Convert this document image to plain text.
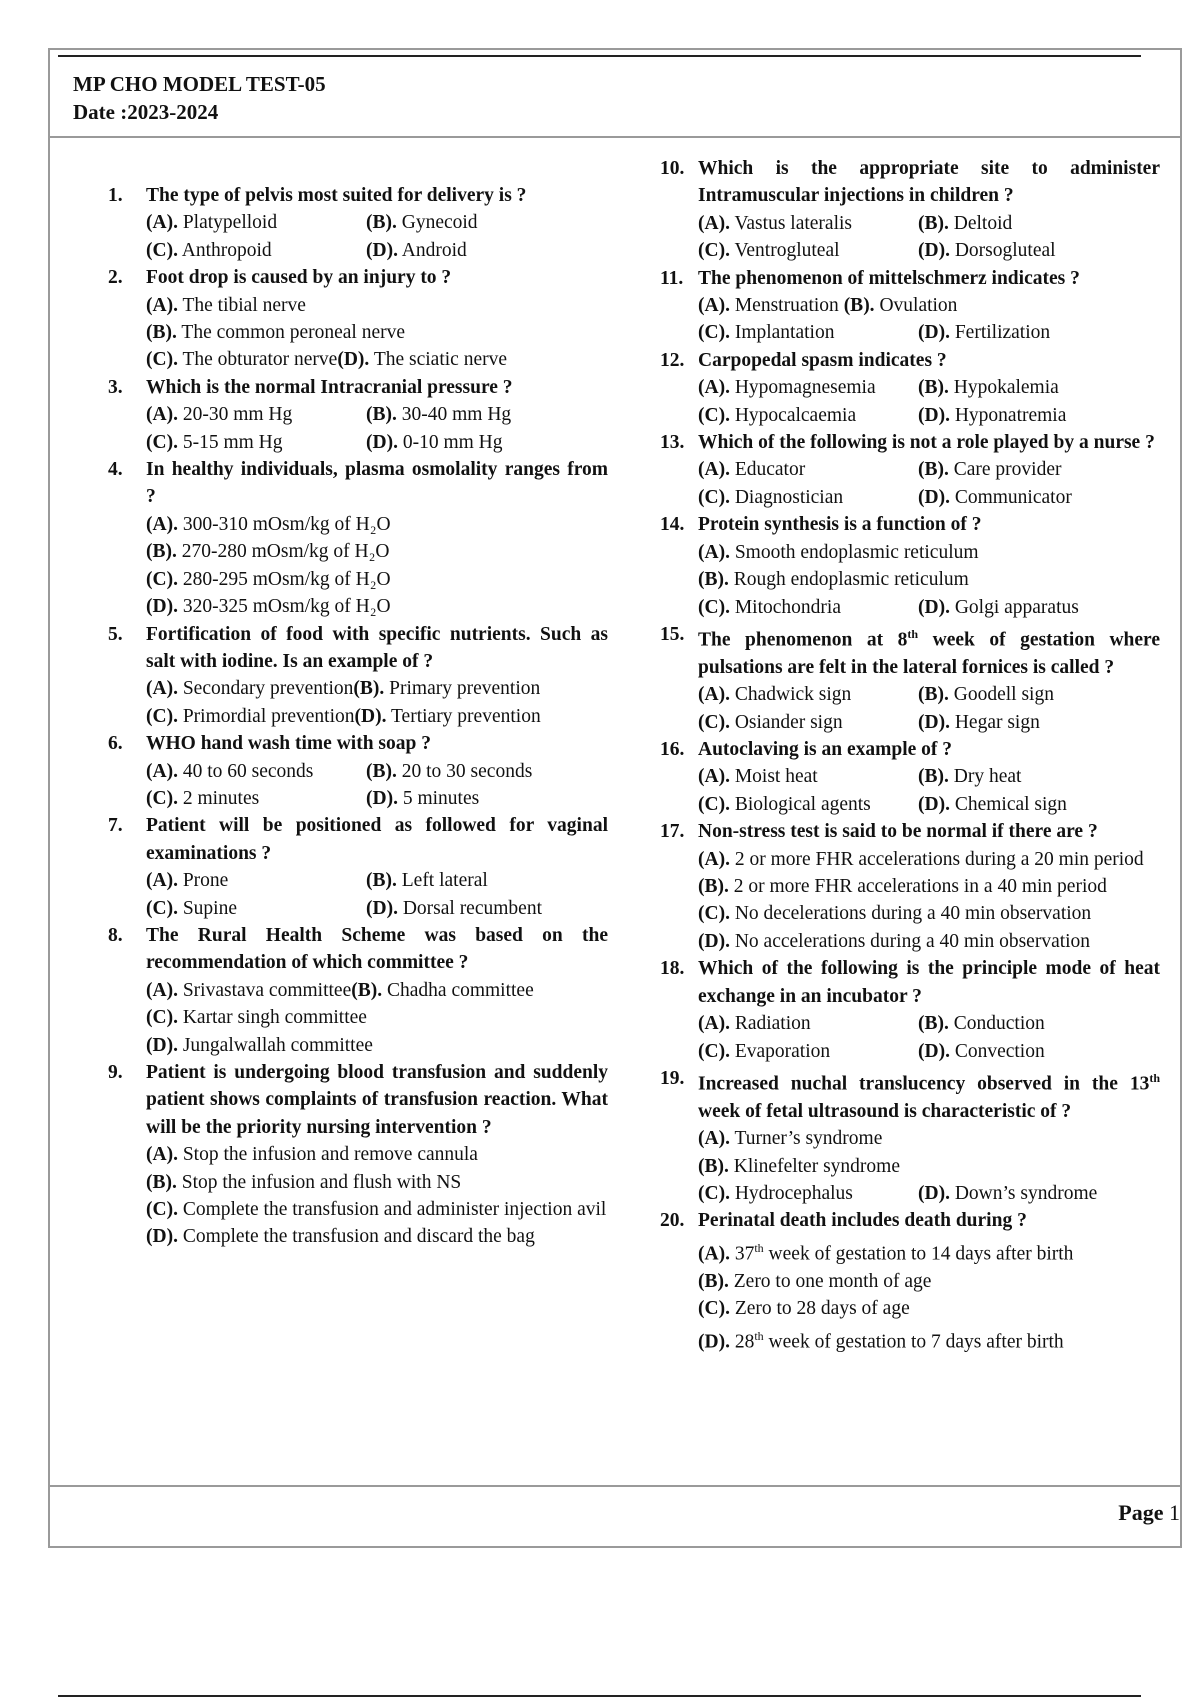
MP CHO MODEL TEST-05
Date :2023-2024
1. The type of pelvis most suited for delivery is ?
(A). Platypelloid	(B). Gynecoid
(C). Anthropoid	(D). Android
2. Foot drop is caused by an injury to ?
(A). The tibial nerve
(B). The common peroneal nerve
(C). The obturator nerve(D). The sciatic nerve
3. Which is the normal Intracranial pressure ?
(A). 20-30 mm Hg	(B). 30-40 mm Hg
(C). 5-15 mm Hg	(D). 0-10 mm Hg
4. In healthy individuals, plasma osmolality ranges from ?
(A). 300-310 mOsm/kg of H₂O
(B). 270-280 mOsm/kg of H₂O
(C). 280-295 mOsm/kg of H₂O
(D). 320-325 mOsm/kg of H₂O
5. Fortification of food with specific nutrients. Such as salt with iodine. Is an example of ?
(A). Secondary prevention(B). Primary prevention
(C). Primordial prevention(D). Tertiary prevention
6. WHO hand wash time with soap ?
(A). 40 to 60 seconds	(B). 20 to 30 seconds
(C). 2 minutes	(D). 5 minutes
7. Patient will be positioned as followed for vaginal examinations ?
(A). Prone	(B). Left lateral
(C). Supine	(D). Dorsal recumbent
8. The Rural Health Scheme was based on the recommendation of which committee ?
(A). Srivastava committee(B). Chadha committee
(C). Kartar singh committee
(D). Jungalwallah committee
9. Patient is undergoing blood transfusion and suddenly patient shows complaints of transfusion reaction. What will be the priority nursing intervention ?
(A). Stop the infusion and remove cannula
(B). Stop the infusion and flush with NS
(C). Complete the transfusion and administer injection avil
(D). Complete the transfusion and discard the bag
10. Which is the appropriate site to administer Intramuscular injections in children ?
(A). Vastus lateralis	(B). Deltoid
(C). Ventrogluteal	(D). Dorsogluteal
11. The phenomenon of mittelschmerz indicates ?
(A). Menstruation (B). Ovulation
(C). Implantation	(D). Fertilization
12. Carpopedal spasm indicates ?
(A). Hypomagnesemia	(B). Hypokalemia
(C). Hypocalcaemia	(D). Hyponatremia
13. Which of the following is not a role played by a nurse ?
(A). Educator	(B). Care provider
(C). Diagnostician	(D). Communicator
14. Protein synthesis is a function of ?
(A). Smooth endoplasmic reticulum
(B). Rough endoplasmic reticulum
(C). Mitochondria	(D). Golgi apparatus
15. The phenomenon at 8th week of gestation where pulsations are felt in the lateral fornices is called ?
(A). Chadwick sign	(B). Goodell sign
(C). Osiander sign	(D). Hegar sign
16. Autoclaving is an example of ?
(A). Moist heat	(B). Dry heat
(C). Biological agents	(D). Chemical sign
17. Non-stress test is said to be normal if there are ?
(A). 2 or more FHR accelerations during a 20 min period
(B). 2 or more FHR accelerations in a 40 min period
(C). No decelerations during a 40 min observation
(D). No accelerations during a 40 min observation
18. Which of the following is the principle mode of heat exchange in an incubator ?
(A). Radiation	(B). Conduction
(C). Evaporation	(D). Convection
19. Increased nuchal translucency observed in the 13th week of fetal ultrasound is characteristic of ?
(A). Turner’s syndrome
(B). Klinefelter syndrome
(C). Hydrocephalus	(D). Down’s syndrome
20. Perinatal death includes death during ?
(A). 37th week of gestation to 14 days after birth
(B). Zero to one month of age
(C). Zero to 28 days of age
(D). 28th week of gestation to 7 days after birth
Page 1
